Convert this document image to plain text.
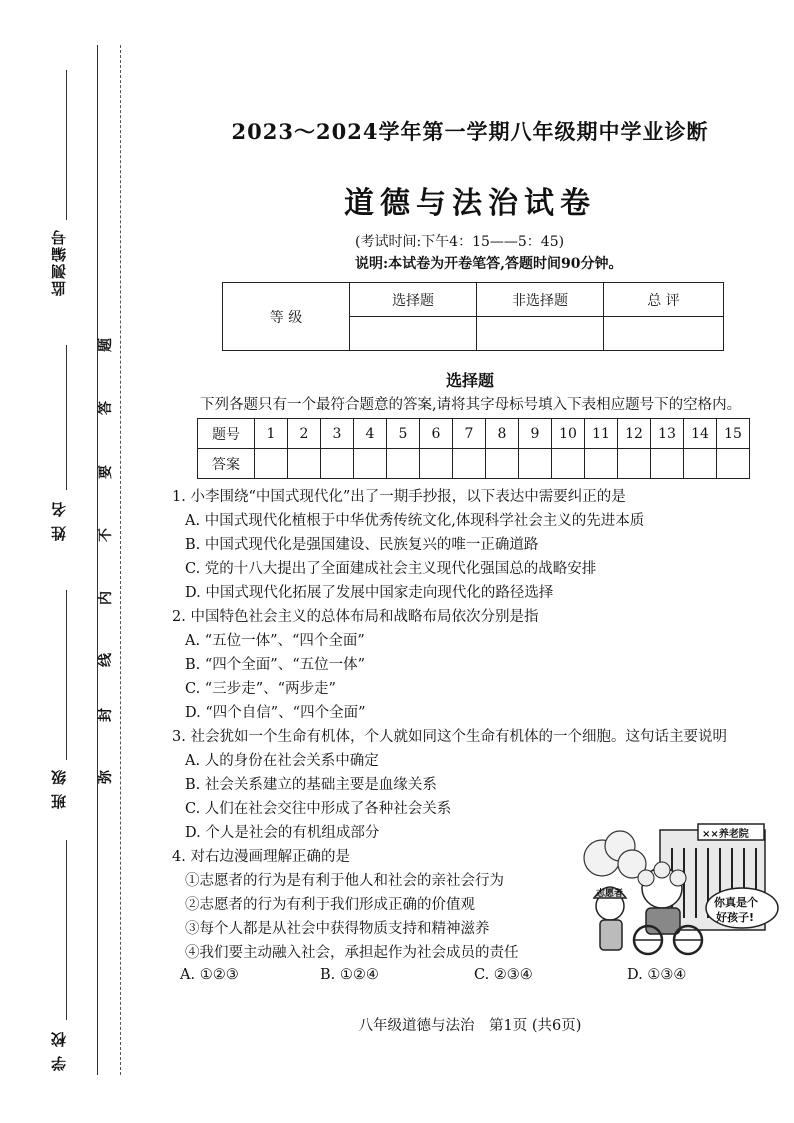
监测编号
姓 名
班 级
学 校
题
答
要
不
内
线
封
弥
2023～2024学年第一学期八年级期中学业诊断
道德与法治试卷
(考试时间:下午4：15——5：45)
说明:本试卷为开卷笔答,答题时间90分钟。
等 级	选择题	非选择题	总 评

选择题
下列各题只有一个最符合题意的答案,请将其字母标号填入下表相应题号下的空格内。
题号	1	2	3	4	5	6	7	8	9	10	11	12	13	14	15
答案															
1. 小李围绕“中国式现代化”出了一期手抄报，以下表达中需要纠正的是
A. 中国式现代化植根于中华优秀传统文化,体现科学社会主义的先进本质
B. 中国式现代化是强国建设、民族复兴的唯一正确道路
C. 党的十八大提出了全面建成社会主义现代化强国总的战略安排
D. 中国式现代化拓展了发展中国家走向现代化的路径选择
2. 中国特色社会主义的总体布局和战略布局依次分别是指
A. “五位一体”、“四个全面”
B. “四个全面”、“五位一体”
C. “三步走”、“两步走”
D. “四个自信”、“四个全面”
3. 社会犹如一个生命有机体，个人就如同这个生命有机体的一个细胞。这句话主要说明
A. 人的身份在社会关系中确定
B. 社会关系建立的基础主要是血缘关系
C. 人们在社会交往中形成了各种社会关系
D. 个人是社会的有机组成部分
4. 对右边漫画理解正确的是
①志愿者的行为是有利于他人和社会的亲社会行为
②志愿者的行为有利于我们形成正确的价值观
③每个人都是从社会中获得物质支持和精神滋养
④我们要主动融入社会，承担起作为社会成员的责任
A. ①②③	B. ①②④	C. ②③④	D. ①③④
××养老院
志愿者
你真是个
好孩子!
八年级道德与法治　第1页 (共6页)
